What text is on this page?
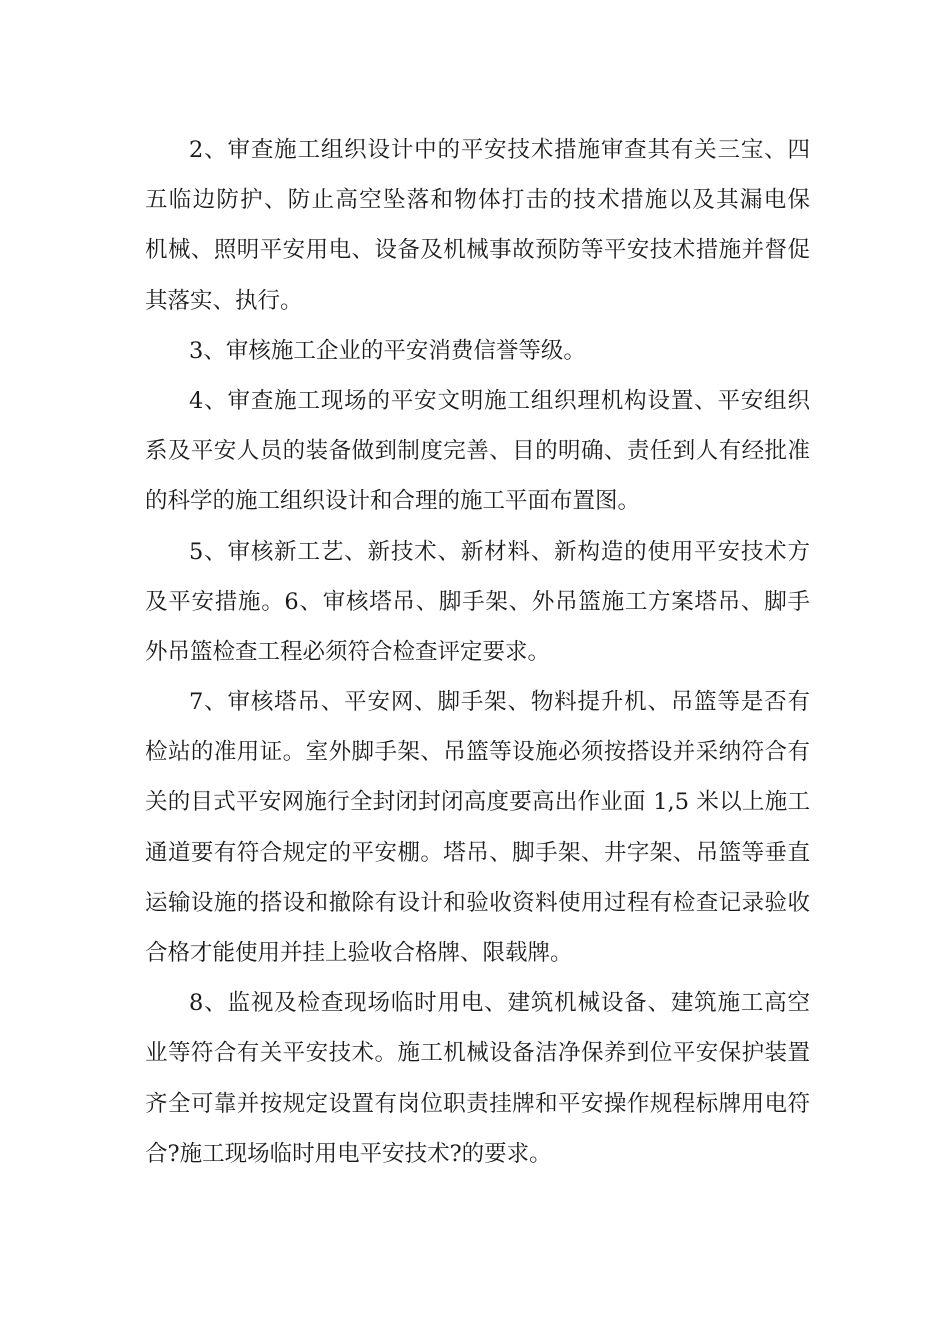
2、审查施工组织设计中的平安技术措施审查其有关三宝、四
五临边防护、防止高空坠落和物体打击的技术措施以及其漏电保
机械、照明平安用电、设备及机械事故预防等平安技术措施并督促
其落实、执行。
3、审核施工企业的平安消费信誉等级。
4、审查施工现场的平安文明施工组织理机构设置、平安组织
系及平安人员的装备做到制度完善、目的明确、责任到人有经批准
的科学的施工组织设计和合理的施工平面布置图。
5、审核新工艺、新技术、新材料、新构造的使用平安技术方
及平安措施。6、审核塔吊、脚手架、外吊篮施工方案塔吊、脚手
外吊篮检查工程必须符合检查评定要求。
7、审核塔吊、平安网、脚手架、物料提升机、吊篮等是否有
检站的准用证。室外脚手架、吊篮等设施必须按搭设并采纳符合有
关的目式平安网施行全封闭封闭高度要高出作业面 1,5 米以上施工
通道要有符合规定的平安棚。塔吊、脚手架、井字架、吊篮等垂直
运输设施的搭设和撤除有设计和验收资料使用过程有检查记录验收
合格才能使用并挂上验收合格牌、限载牌。
8、监视及检查现场临时用电、建筑机械设备、建筑施工高空
业等符合有关平安技术。施工机械设备洁净保养到位平安保护装置
齐全可靠并按规定设置有岗位职责挂牌和平安操作规程标牌用电符
合?施工现场临时用电平安技术?的要求。
